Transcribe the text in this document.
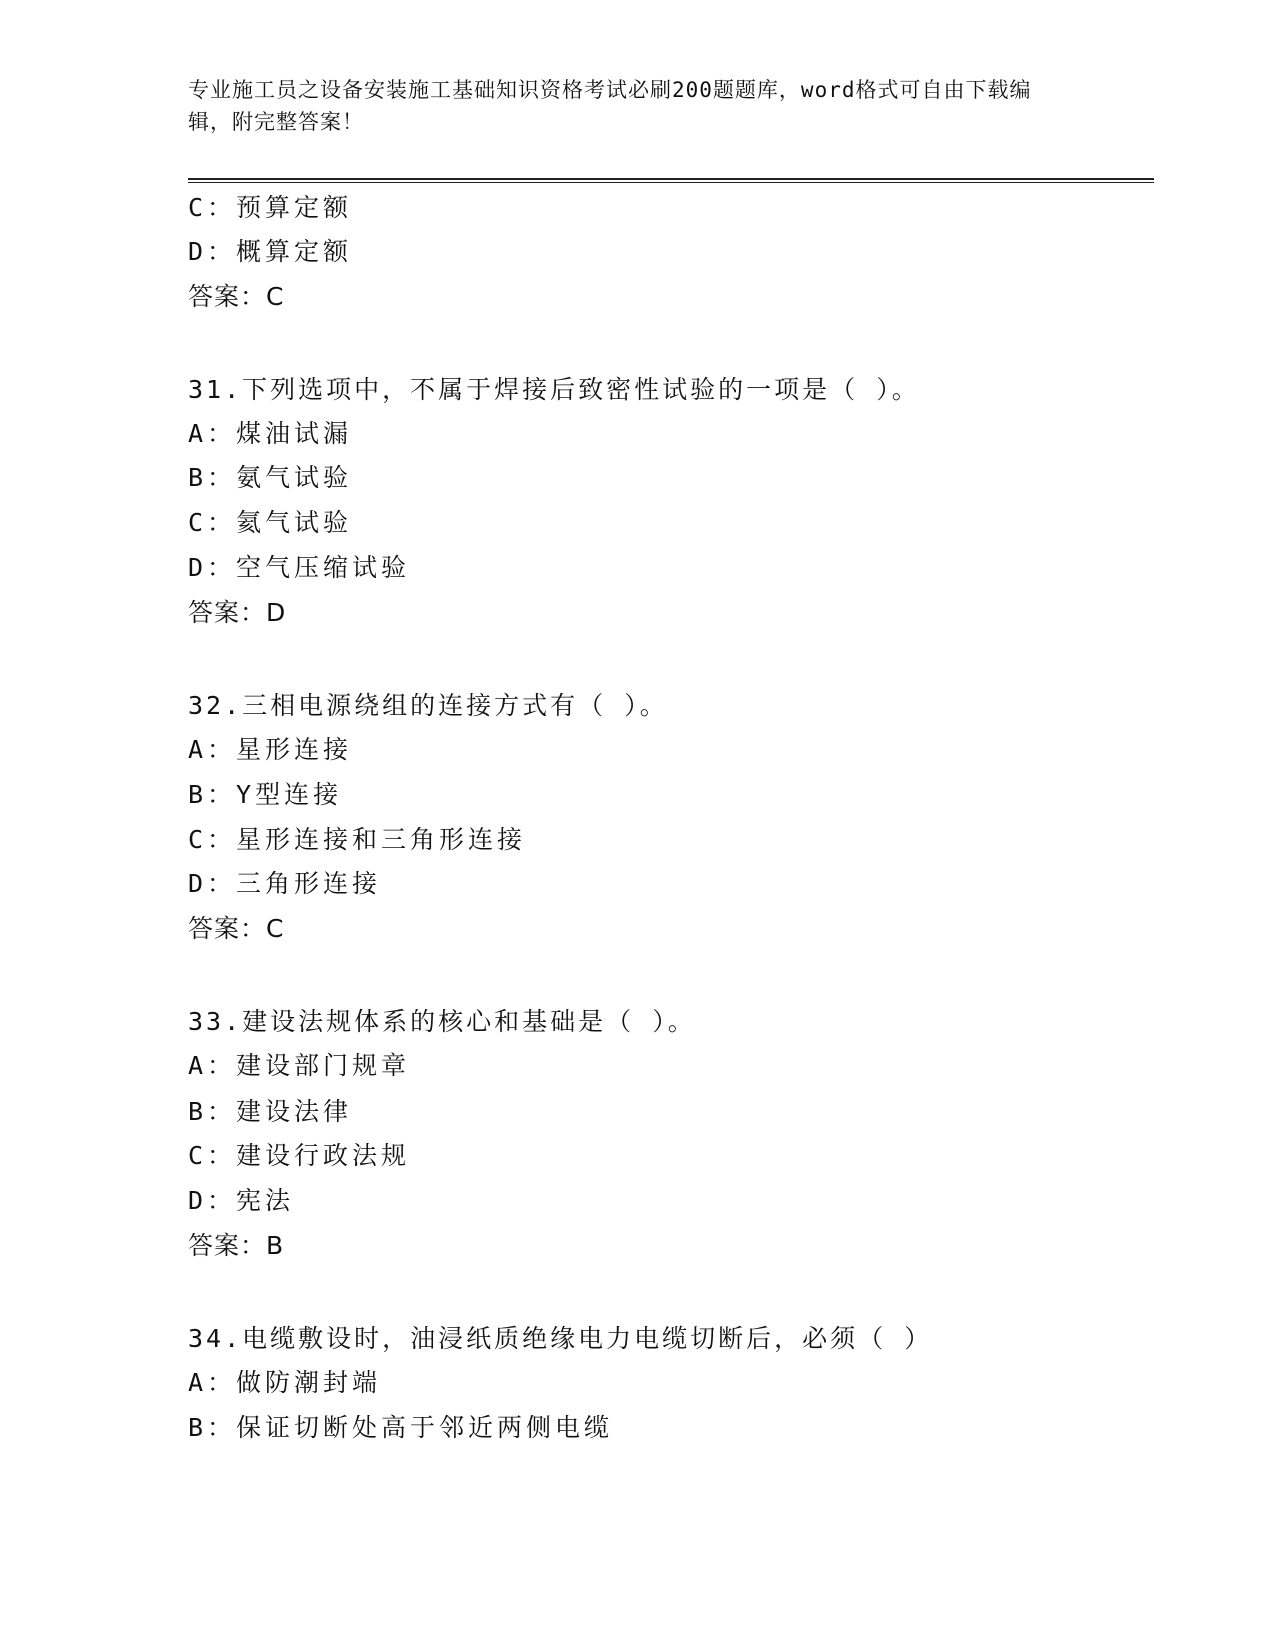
专业施工员之设备安装施工基础知识资格考试必刷200题题库，word格式可自由下载编辑，附完整答案！
C：预算定额
D：概算定额
答案：C
31.下列选项中，不属于焊接后致密性试验的一项是（ ）。
A：煤油试漏
B：氨气试验
C：氦气试验
D：空气压缩试验
答案：D
32.三相电源绕组的连接方式有（ ）。
A：星形连接
B：Y型连接
C：星形连接和三角形连接
D：三角形连接
答案：C
33.建设法规体系的核心和基础是（ ）。
A：建设部门规章
B：建设法律
C：建设行政法规
D：宪法
答案：B
34.电缆敷设时，油浸纸质绝缘电力电缆切断后，必须（ ）
A：做防潮封端
B：保证切断处高于邻近两侧电缆
